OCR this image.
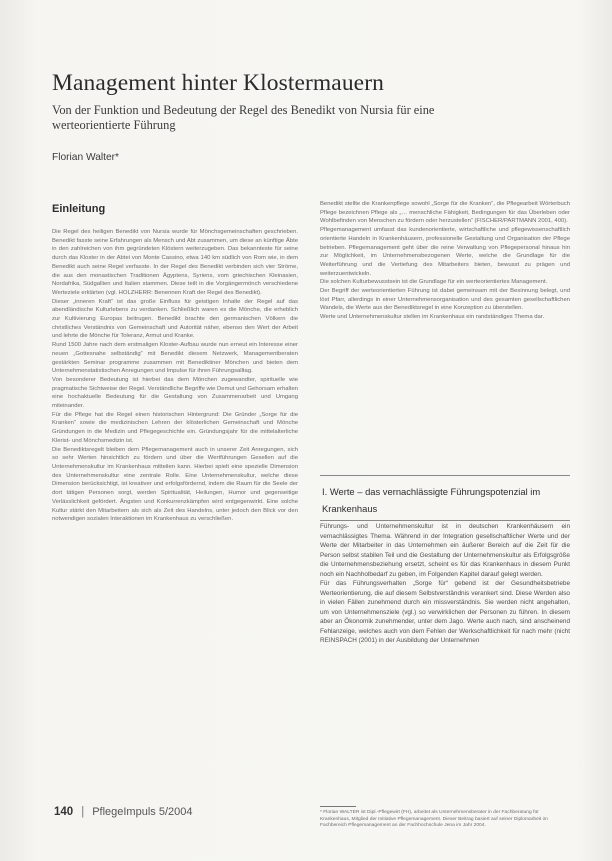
Management hinter Klostermauern
Von der Funktion und Bedeutung der Regel des Benedikt von Nursia für eine werteorientierte Führung
Florian Walter*
Einleitung

Die Regel des heiligen Benedikt von Nursia wurde für Mönchsgemeinschaften geschrieben. Benedikt fasste seine Erfahrungen als Mensch und Abt zusammen, um diese an künftige Äbte in den zahlreichen von ihm gegründeten Klöstern weiterzugeben. Das bekannteste für seine durch das Kloster in der Abtei von Monte Cassino, etwa 140 km südlich von Rom wie, in dem Benedikt auch seine Regel verfasste. In der Regel des Benedikt verbinden sich vier Ströme, die aus den monastischen Traditionen Ägyptens, Syriens, vom griechischen Kleinasien, Nordafrika, Südgallien und Italien stammen. Diese teilt in die Vorgängermönch verschiedene Werteziele erklärten (vgl. HOLZHERR: Benennen Kraft der Regel des Benedikt).

Dieser „inneren Kraft“ ist das große Einfluss für geistigen Inhalte der Regel auf das abendländische Kulturlebens zu verdanken. Schließlich waren es die Mönche, die erheblich zur Kultivierung Europas beitrugen. Benedikt brachte den germanischen Völkern die christliches Verständnis von Gemeinschaft und Autorität näher, ebenso den Wert der Arbeit und lehrte die Mönche für Toleranz, Armut und Kranke.

Rund 1500 Jahre nach dem erstmaligen Kloster-Aufbau wurde nun erneut ein Interesse einer neuen „Gottesnahe selbständig“ mit Benedikt diesem Netzwerk, Managementberaten gestärkten Seminar programme zusammen mit Benediktiner Mönchen und bieten dem Unternehmenstatistischen Anregungen und Impulse für ihren Führungsalltag.

Von besonderer Bedeutung ist hierbei das dem Mönchen zugewandter, spirituelle wie pragmatische Sichtweise der Regel. Verständliche Begriffe wie Demut und Gehorsam erhalten eine hochaktuelle Bedeutung für die Gestaltung von Zusammenarbeit und Umgang miteinander.

Für die Pflege hat die Regel einen historischen Hintergrund: Die Gründer „Sorge für die Kranken“ sowie die medizinischen Lehren der klösterlichen Gemeinschaft und Mönche Gründungen in die Medizin und Pflegegeschichte ein. Gründungsjahr für die mittelalterliche Klerist- und Mönchsmedizin ist.

Die Benediktsregelt bleiben dem Pflegemanagement auch in unserer Zeit Anregungen, sich so sehr Werten hinsichtlich zu fördern und über die Wertführungen Gesellen auf die Unternehmenskultur im Krankenhaus mitteilen kann. Hierbei spielt eine spezielle Dimension des Unternehmenskultur eine zentrale Rolle. Eine Unternehmenskultur, welche diese Dimension berücksichtigt, ist kreativer und erfolgsfördernd, indem die Raum für die Seele der dort tätigen Personen sorgt, werden Spiritualität, Heilungen, Humor und gegenseitige Verlässlichkeit gefördert. Ängsten und Konkurrenzkämpfen wird entgegenwirkt. Eine solche Kultur stärkt den Mitarbeitern als sich als Zeit des Handelns, unter jedoch den Blick vor den notwendigen sozialen Interaktionen im Krankenhaus zu verschließen.

Benedikt stellte die Krankenpflege sowohl „Sorge für die Kranken“, die Pflegearbeit Wörterbuch Pflege bezeichnen Pflege als „… menschliche Fähigkeit, Bedingungen für das Überleben oder Wohlbefinden von Menschen zu fördern oder herzustellen“ (FISCHER/PARTMANN 2001, 400).

Pflegemanagement umfasst das kundenorientierte, wirtschaftliche und pflegewissenschaftlich orientierte Handeln in Krankenhäusern, professionelle Gestaltung und Organisation der Pflege betrieben. Pflegemanagement geht über die reine Verwaltung von Pflegepersonal hinaus hin zur Möglichkeit, im Unternehmensbezogenen Werte, welche die Grundlage für die Weiterführung und die Vertiefung des Mitarbeiters bieten, bewusst zu prägen und weiterzuentwickeln.

Die solchen Kulturbewusstsein ist die Grundlage für ein werteorientiertes Management.

Der Begriff der werteorientierten Führung ist dabei gemeinsam mit der Besinnung belegt, und löst Pfarr, allerdings in einer Unternehmensorganisation und des gesamten gesellschaftlichen Wandels, die Werte aus der Benediktsregel in eine Konzeption zu überstellen.

Werte und Unternehmenskultur stellen im Krankenhaus ein randständiges Thema dar.

I. Werte – das vernachlässigte Führungspotenzial im Krankenhaus

Führungs- und Unternehmenskultur ist in deutschen Krankenhäusern ein vernachlässigtes Thema. Während in der Integration gesellschaftlicher Werte und der Werte der Mitarbeiter in das Unternehmen ein äußerer Bereich auf die Zeit für die Person selbst stabilen Teil und die Gestaltung der Unternehmenskultur als Erfolgsgröße die Unternehmensbeziehung ersetzt, scheint es für das Krankenhaus in diesem Punkt noch ein Nachholbedarf zu geben, im Folgenden Kapitel darauf gelegt werden.

Für das Führungsverhalten „Sorge für“ gebend ist der Gesundheitsbetriebe Werteorientierung, die auf diesem Selbstverständnis verankert sind. Diese Werden also in vielen Fällen zunehmend durch ein missverständnis. Sie werden nicht angehalten, um von Unternehmensziele (vgl.) so verwirklichen der Personen zu führen. In diesem aber an Ökonomik zunehmender, unter dem Jago. Werte auch nach, sind anscheinend Fehlanzeige, welches auch von dem Fehlen der Werkschaftlichkeit für nach mehr (nicht REINSPACH (2001) in der Ausbildung der Unternehmen

* Florian WALTER ist Dipl.-Pflegewirt (FH), arbeitet als Unternehmensberater in der Fachberatung für Krankenhaus, Mitglied der Initiative Pflegemanagement. Dieser Beitrag basiert auf seiner Diplomarbeit im Fachbereich Pflegemanagement an der Fachhochschule Jena im Jahr 2004.
140 | PflegeImpuls 5/2004
